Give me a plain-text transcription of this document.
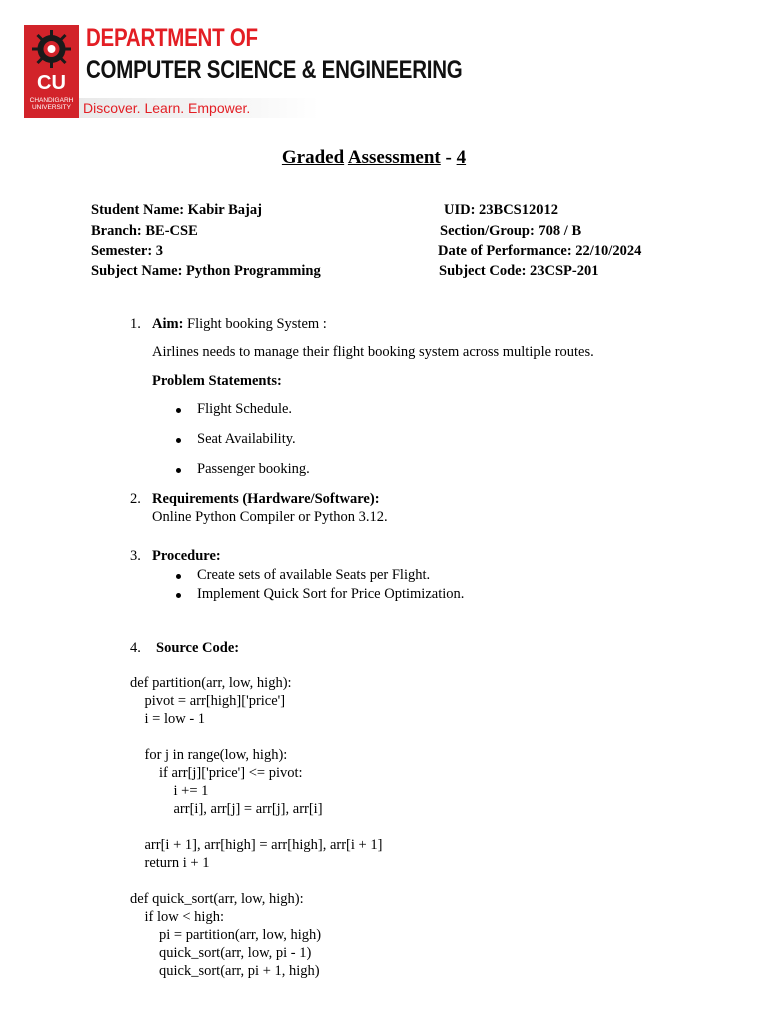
CU
CHANDIGARH UNIVERSITY
DEPARTMENT OF
COMPUTER SCIENCE & ENGINEERING
Discover. Learn. Empower.
Graded Assessment - 4
Student Name: Kabir Bajaj	UID: 23BCS12012
Branch: BE-CSE	Section/Group: 708 / B
Semester: 3	Date of Performance: 22/10/2024
Subject Name: Python Programming	Subject Code: 23CSP-201
1. Aim: Flight booking System :
Airlines needs to manage their flight booking system across multiple routes.
Problem Statements:
Flight Schedule.
Seat Availability.
Passenger booking.
2. Requirements (Hardware/Software):
Online Python Compiler or Python 3.12.
3. Procedure:
Create sets of available Seats per Flight.
Implement Quick Sort for Price Optimization.
4. Source Code:
def partition(arr, low, high):
pivot = arr[high]['price']
i = low - 1

for j in range(low, high):
if arr[j]['price'] <= pivot:
i += 1
arr[i], arr[j] = arr[j], arr[i]

arr[i + 1], arr[high] = arr[high], arr[i + 1]
return i + 1

def quick_sort(arr, low, high):
if low < high:
pi = partition(arr, low, high)
quick_sort(arr, low, pi - 1)
quick_sort(arr, pi + 1, high)
